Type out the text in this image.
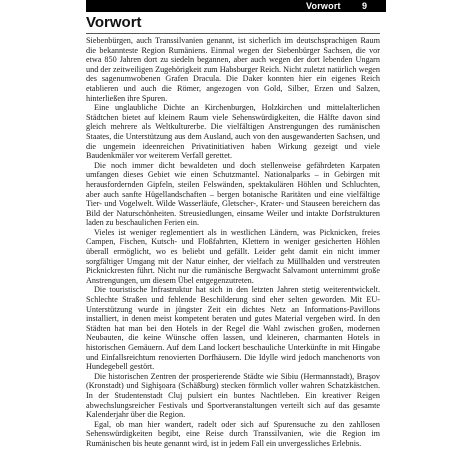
Vorwort 9
Vorwort

Siebenbürgen, auch Transsilvanien genannt, ist sicherlich im deutschsprachigen Raum die bekannteste Region Rumäniens. Einmal wegen der Siebenbürger Sachsen, die vor etwa 850 Jahren dort zu siedeln begannen, aber auch wegen der dort lebenden Ungarn und der zeitweiligen Zugehörigkeit zum Habsburger Reich. Nicht zuletzt natürlich wegen des sagenumwobenen Grafen Dracula. Die Daker konnten hier ein eigenes Reich etablieren und auch die Römer, angezogen von Gold, Silber, Erzen und Salzen, hinterließen ihre Spuren.

Eine unglaubliche Dichte an Kirchenburgen, Holzkirchen und mittelalterlichen Städtchen bietet auf kleinem Raum viele Sehenswürdigkeiten, die Hälfte davon sind gleich mehrere als Weltkulturerbe. Die vielfältigen Anstrengungen des rumänischen Staates, die Unterstützung aus dem Ausland, auch von den ausgewanderten Sachsen, und die ungemein ideenreichen Privatinitiativen haben Wirkung gezeigt und viele Baudenkmäler vor weiterem Verfall gerettet.

Die noch immer dicht bewaldeten und doch stellenweise gefährdeten Karpaten umfangen dieses Gebiet wie einen Schutzmantel. Nationalparks – in Gebirgen mit herausfordernden Gipfeln, steilen Felswänden, spektakulären Höhlen und Schluchten, aber auch sanfte Hügellandschaften – bergen botanische Raritäten und eine vielfältige Tier- und Vogelwelt. Wilde Wasserläufe, Gletscher-, Krater- und Stauseen bereichern das Bild der Naturschönheiten. Streusiedlungen, einsame Weiler und intakte Dorfstrukturen laden zu beschaulichen Ferien ein.

Vieles ist weniger reglementiert als in westlichen Ländern, was Picknicken, freies Campen, Fischen, Kutsch- und Floßfahrten, Klettern in weniger gesicherten Höhlen überall ermöglicht, wo es beliebt und gefällt. Leider geht damit ein nicht immer sorgfältiger Umgang mit der Natur einher, der vielfach zu Müllhalden und verstreuten Picknickresten führt. Nicht nur die rumänische Bergwacht Salvamont unternimmt große Anstrengungen, um diesem Übel entgegenzutreten.

Die touristische Infrastruktur hat sich in den letzten Jahren stetig weiterentwickelt. Schlechte Straßen und fehlende Beschilderung sind eher selten geworden. Mit EU-Unterstützung wurde in jüngster Zeit ein dichtes Netz an Informations-Pavillons installiert, in denen meist kompetent beraten und gutes Material vergeben wird. In den Städten hat man bei den Hotels in der Regel die Wahl zwischen großen, modernen Neubauten, die keine Wünsche offen lassen, und kleineren, charmanten Hotels in historischen Gemäuern. Auf dem Land lockert beschauliche Unterkünfte in mit Hingabe und Einfallsreichtum renovierten Dorfhäusern. Die Idylle wird jedoch manchenorts von Hundegebell gestört.

Die historischen Zentren der prosperierende Städte wie Sibiu (Hermannstadt), Braşov (Kronstadt) und Sighişoara (Schäßburg) stecken förmlich voller wahren Schatzkästchen. In der Studentenstadt Cluj pulsiert ein buntes Nachtleben. Ein kreativer Reigen abwechslungsreicher Festivals und Sportveranstaltungen verteilt sich auf das gesamte Kalenderjahr über die Region.

Egal, ob man hier wandert, radelt oder sich auf Spurensuche zu den zahllosen Sehenswürdigkeiten begibt, eine Reise durch Transsilvanien, wie die Region im Rumänischen bis heute genannt wird, ist in jedem Fall ein unvergessliches Erlebnis.
